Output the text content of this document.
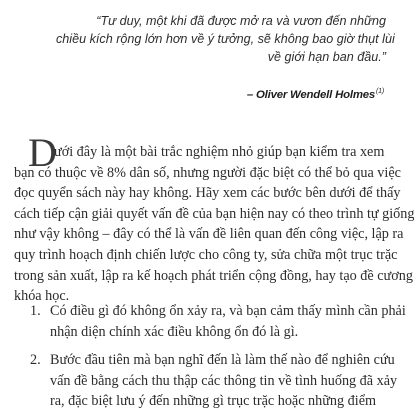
“Tư duy, một khi đã được mở ra và vươn đến những
chiều kích rộng lớn hơn về ý tưởng, sẽ không bao giờ thụt lùi
về giới hạn ban đầu.”
– Oliver Wendell Holmes$^{(1)}$
D
ưới đây là một bài trắc nghiệm nhỏ giúp bạn kiểm tra xem
bạn có thuộc về 8% dân số, nhưng người đặc biệt có thể bỏ qua việc
đọc quyển sách này hay không. Hãy xem các bước bên dưới để thấy
cách tiếp cận giải quyết vấn đề của bạn hiện nay có theo trình tự giống
như vậy không – đây có thể là vấn đề liên quan đến công việc, lập ra
quy trình hoạch định chiến lược cho công ty, sửa chữa một trục trặc
trong sản xuất, lập ra kế hoạch phát triển cộng đồng, hay tạo đề cương
khóa học.
1. Có điều gì đó không ổn xảy ra, và bạn cảm thấy mình cần phải
nhận diện chính xác điều không ổn đó là gì.
2. Bước đầu tiên mà bạn nghĩ đến là làm thế nào để nghiên cứu
vấn đề bằng cách thu thập các thông tin về tình huống đã xảy
ra, đặc biệt lưu ý đến những gì trục trặc hoặc những điểm
